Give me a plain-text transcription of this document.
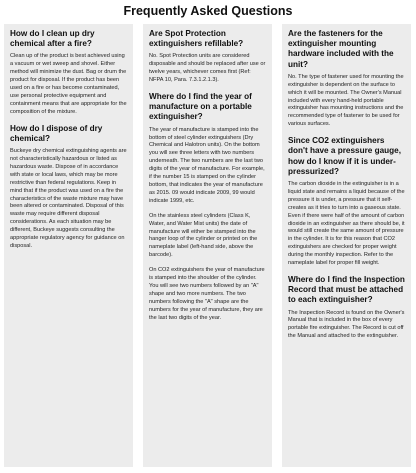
Frequently Asked Questions
How do I clean up dry chemical after a fire?

Clean up of the product is best achieved using a vacuum or wet sweep and shovel. Either method will minimize the dust. Bag or drum the product for disposal. If the product has been used on a fire or has become contaminated, use personal protective equipment and containment means that are appropriate for the composition of the mixture.

How do I dispose of dry chemical?

Buckeye dry chemical extinguishing agents are not characteristically hazardous or listed as hazardous waste. Dispose of in accordance with state or local laws, which may be more restrictive than federal regulations. Keep in mind that if the product was used on a fire the characteristics of the waste mixture may have been altered or contaminated. Disposal of this waste may require different disposal considerations. As each situation may be different, Buckeye suggests consulting the appropriate regulatory agency for guidance on disposal.

Are Spot Protection extinguishers refillable?

No. Spot Protection units are considered disposable and should be replaced after use or twelve years, whichever comes first (Ref: NFPA 10, Para. 7.3.1.2.1.3).

Where do I find the year of manufacture on a portable extinguisher?

The year of manufacture is stamped into the bottom of steel cylinder extinguishers (Dry Chemical and Halotron units). On the bottom you will see three letters with two numbers underneath. The two numbers are the last two digits of the year of manufacture. For example, if the number 15 is stamped on the cylinder bottom, that indicates the year of manufacture as 2015. 09 would indicate 2009, 99 would indicate 1999, etc.

On the stainless steel cylinders (Class K, Water, and Water Mist units) the date of manufacture will either be stamped into the hanger loop of the cylinder or printed on the nameplate label (left-hand side, above the barcode).

On CO2 extinguishers the year of manufacture is stamped into the shoulder of the cylinder. You will see two numbers followed by an "A" shape and two more numbers. The two numbers following the "A" shape are the numbers for the year of manufacture, they are the last two digits of the year.

Are the fasteners for the extinguisher mounting hardware included with the unit?

No. The type of fastener used for mounting the extinguisher is dependent on the surface to which it will be mounted. The Owner's Manual included with every hand-held portable extinguisher has mounting instructions and the recommended type of fastener to be used for various surfaces.

Since CO2 extinguishers don't have a pressure gauge, how do I know if it is under-pressurized?

The carbon dioxide in the extinguisher is in a liquid state and remains a liquid because of the pressure it is under, a pressure that it self-creates as it tries to turn into a gaseous state. Even if there were half of the amount of carbon dioxide in an extinguisher as there should be, it would still create the same amount of pressure in the cylinder. It is for this reason that CO2 extinguishers are checked for proper weight during the monthly inspection. Refer to the nameplate label for proper fill weight.

Where do I find the Inspection Record that must be attached to each extinguisher?

The Inspection Record is found on the Owner's Manual that is included in the box of every portable fire extinguisher. The Record is cut off the Manual and attached to the extinguisher.
